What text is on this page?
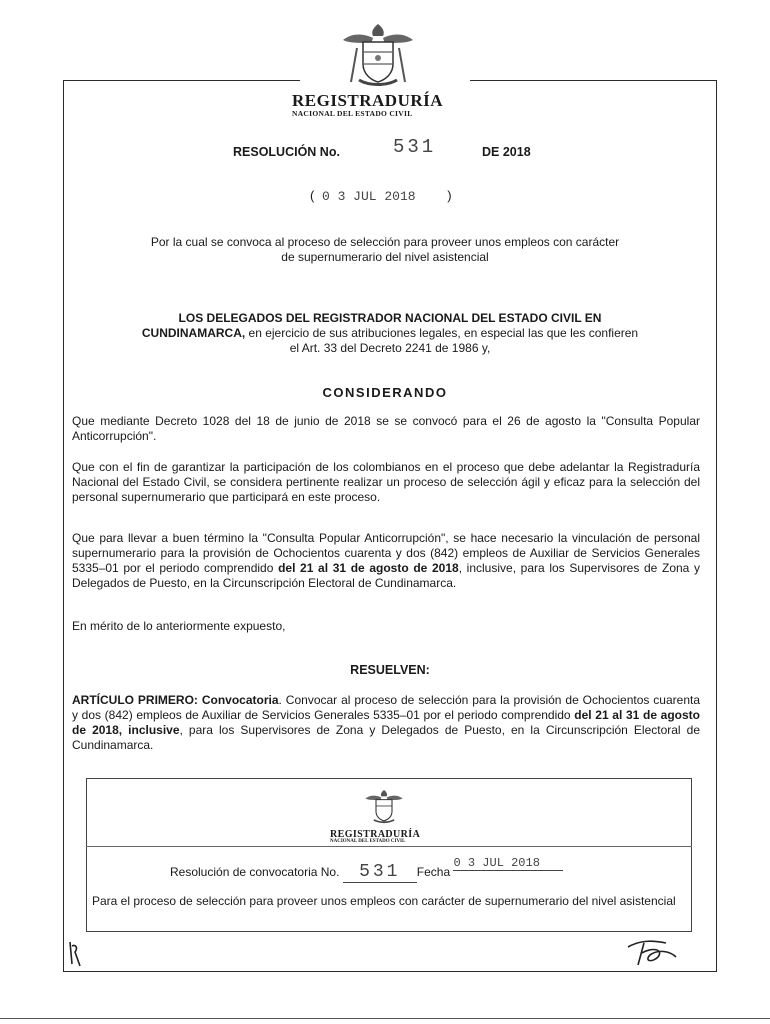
REGISTRADURÍA
NACIONAL DEL ESTADO CIVIL
RESOLUCIÓN No.	531	DE 2018
( 0 3 JUL 2018 )
Por la cual se convoca al proceso de selección para proveer unos empleos con carácter de supernumerario del nivel asistencial
LOS DELEGADOS DEL REGISTRADOR NACIONAL DEL ESTADO CIVIL EN CUNDINAMARCA, en ejercicio de sus atribuciones legales, en especial las que les confieren el Art. 33 del Decreto 2241 de 1986 y,
CONSIDERANDO
Que mediante Decreto 1028 del 18 de junio de 2018 se se convocó para el 26 de agosto la "Consulta Popular Anticorrupción".
Que con el fin de garantizar la participación de los colombianos en el proceso que debe adelantar la Registraduría Nacional del Estado Civil, se considera pertinente realizar un proceso de selección ágil y eficaz para la selección del personal supernumerario que participará en este proceso.
Que para llevar a buen término la "Consulta Popular Anticorrupción", se hace necesario la vinculación de personal supernumerario para la provisión de Ochocientos cuarenta y dos (842) empleos de Auxiliar de Servicios Generales 5335–01 por el periodo comprendido del 21 al 31 de agosto de 2018, inclusive, para los Supervisores de Zona y Delegados de Puesto, en la Circunscripción Electoral de Cundinamarca.
En mérito de lo anteriormente expuesto,
RESUELVEN:
ARTÍCULO PRIMERO: Convocatoria. Convocar al proceso de selección para la provisión de Ochocientos cuarenta y dos (842) empleos de Auxiliar de Servicios Generales 5335–01 por el periodo comprendido del 21 al 31 de agosto de 2018, inclusive, para los Supervisores de Zona y Delegados de Puesto, en la Circunscripción Electoral de Cundinamarca.
REGISTRADURÍA
NACIONAL DEL ESTADO CIVIL
Resolución de convocatoria No. 531 Fecha 0 3 JUL 2018
Para el proceso de selección para proveer unos empleos con carácter de supernumerario del nivel asistencial
